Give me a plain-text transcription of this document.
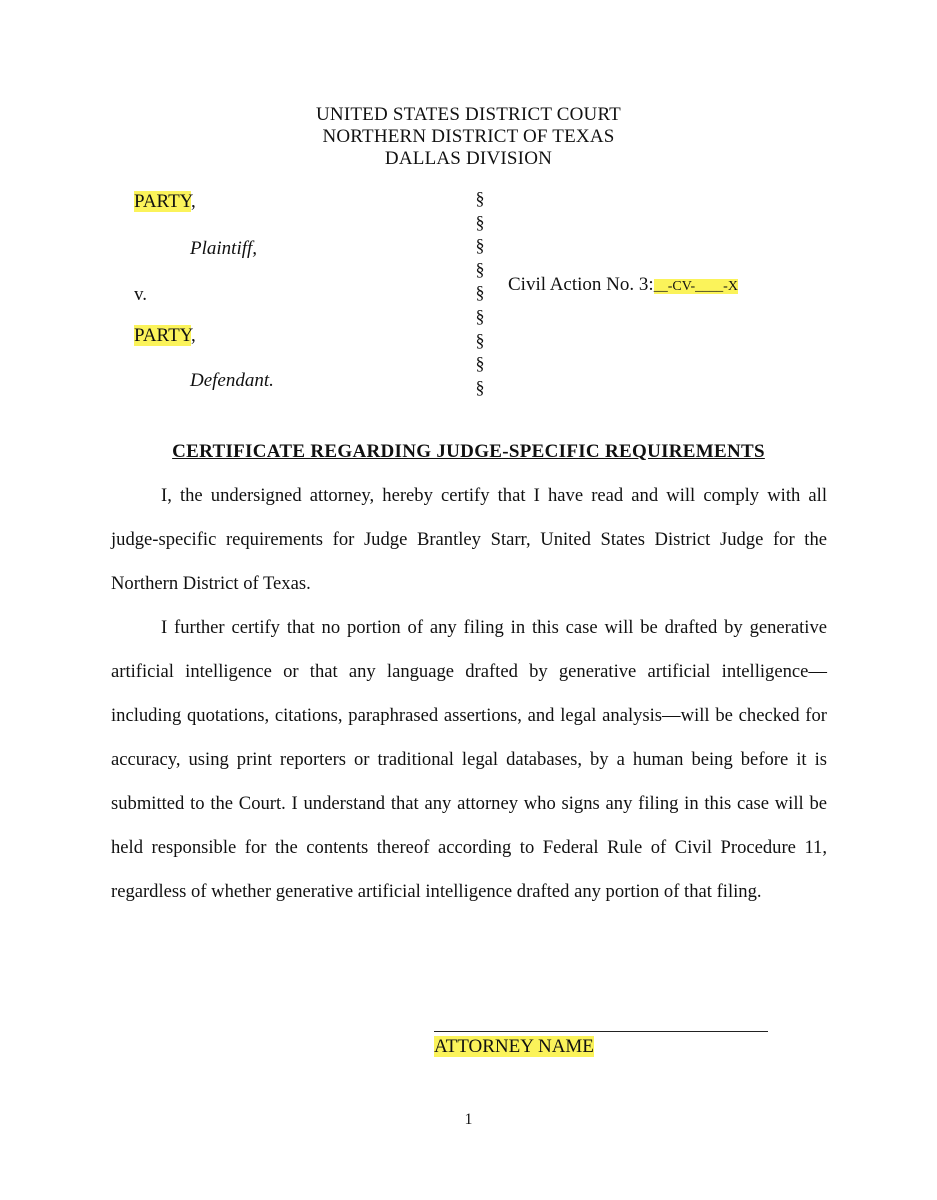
UNITED STATES DISTRICT COURT
NORTHERN DISTRICT OF TEXAS
DALLAS DIVISION
PARTY,
Plaintiff,
v.
PARTY,
Defendant.
§
§
§
§
§
§
§
§
§
Civil Action No. 3:__-CV-____-X
CERTIFICATE REGARDING JUDGE-SPECIFIC REQUIREMENTS

I, the undersigned attorney, hereby certify that I have read and will comply with all judge-specific requirements for Judge Brantley Starr, United States District Judge for the Northern District of Texas.

I further certify that no portion of any filing in this case will be drafted by generative artificial intelligence or that any language drafted by generative artificial intelligence—including quotations, citations, paraphrased assertions, and legal analysis—will be checked for accuracy, using print reporters or traditional legal databases, by a human being before it is submitted to the Court. I understand that any attorney who signs any filing in this case will be held responsible for the contents thereof according to Federal Rule of Civil Procedure 11, regardless of whether generative artificial intelligence drafted any portion of that filing.

ATTORNEY NAME
1
